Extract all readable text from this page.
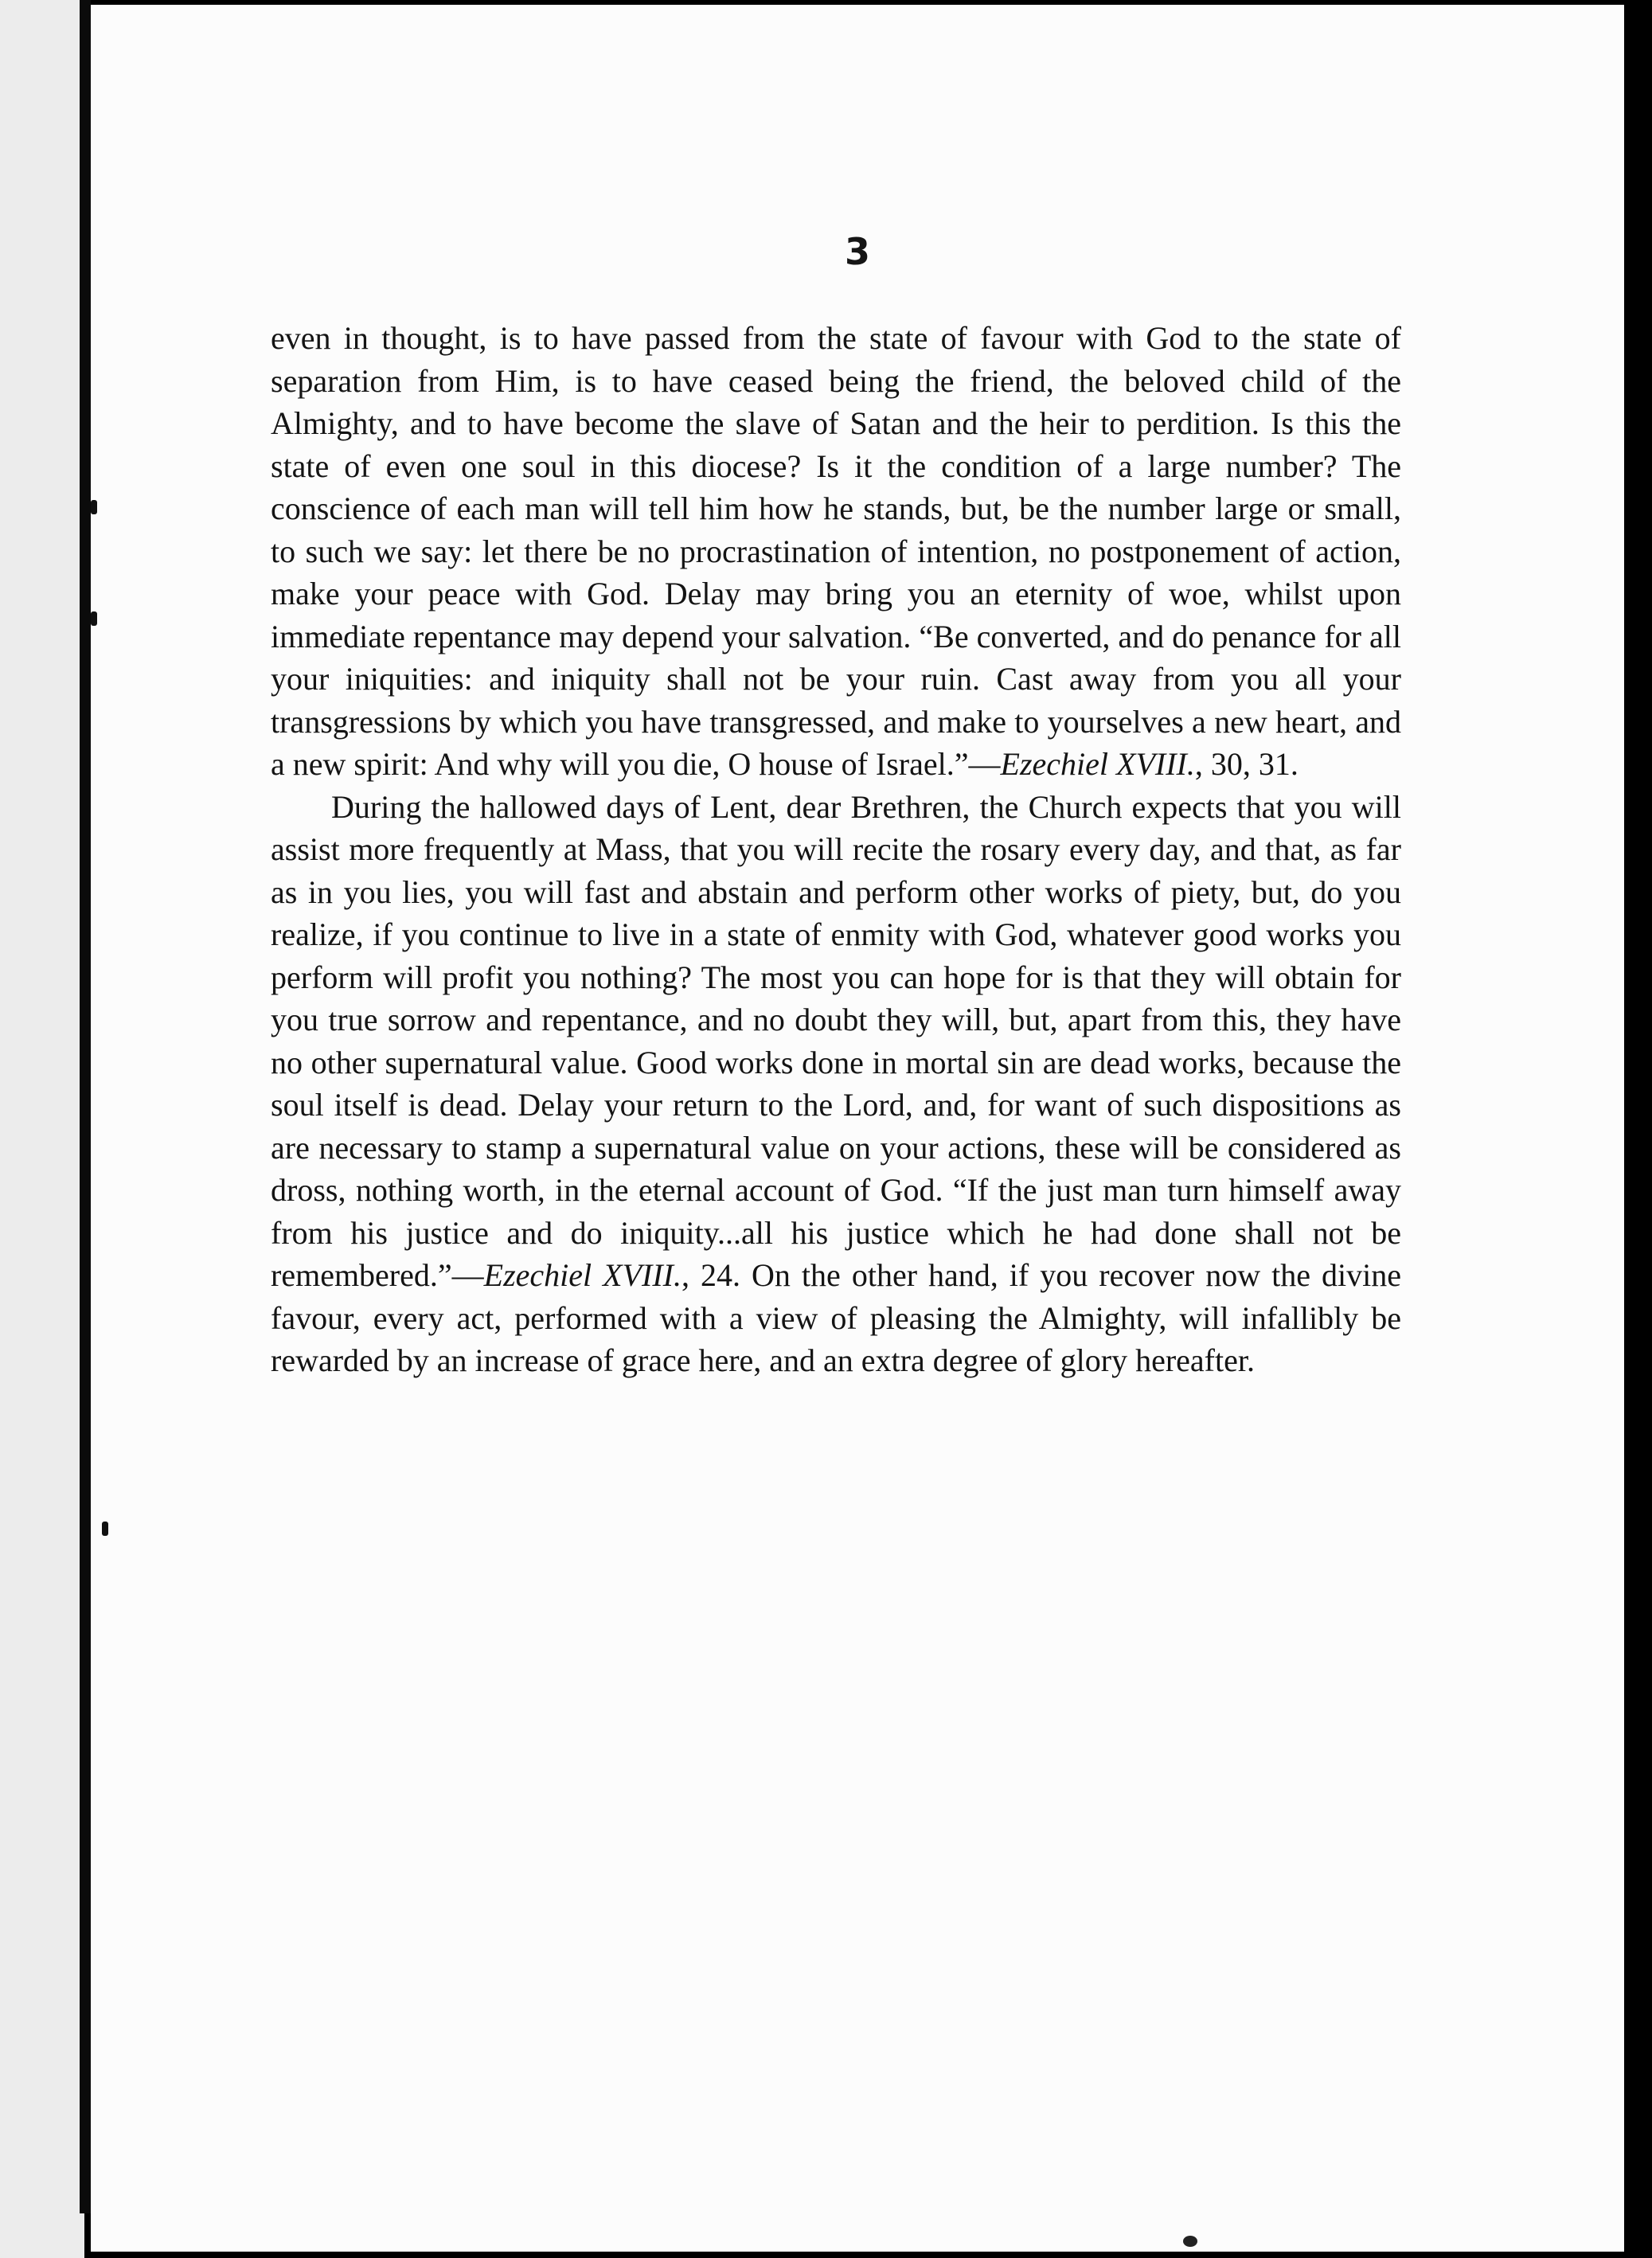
3

even in thought, is to have passed from the state of favour with God to the state of separation from Him, is to have ceased being the friend, the beloved child of the Almighty, and to have become the slave of Satan and the heir to perdition. Is this the state of even one soul in this diocese? Is it the condition of a large number? The conscience of each man will tell him how he stands, but, be the number large or small, to such we say: let there be no procrastination of intention, no postponement of action, make your peace with God. Delay may bring you an eternity of woe, whilst upon immediate repentance may depend your salvation. “Be converted, and do penance for all your iniquities: and iniquity shall not be your ruin. Cast away from you all your transgressions by which you have transgressed, and make to yourselves a new heart, and a new spirit: And why will you die, O house of Israel.”—Ezechiel XVIII., 30, 31.

During the hallowed days of Lent, dear Brethren, the Church expects that you will assist more frequently at Mass, that you will recite the rosary every day, and that, as far as in you lies, you will fast and abstain and perform other works of piety, but, do you realize, if you continue to live in a state of enmity with God, whatever good works you perform will profit you nothing? The most you can hope for is that they will obtain for you true sorrow and repentance, and no doubt they will, but, apart from this, they have no other supernatural value. Good works done in mortal sin are dead works, because the soul itself is dead. Delay your return to the Lord, and, for want of such dispositions as are necessary to stamp a supernatural value on your actions, these will be considered as dross, nothing worth, in the eternal account of God. “If the just man turn himself away from his justice and do iniquity...all his justice which he had done shall not be remembered.”—Ezechiel XVIII., 24. On the other hand, if you recover now the divine favour, every act, performed with a view of pleasing the Almighty, will infallibly be rewarded by an increase of grace here, and an extra degree of glory hereafter.
